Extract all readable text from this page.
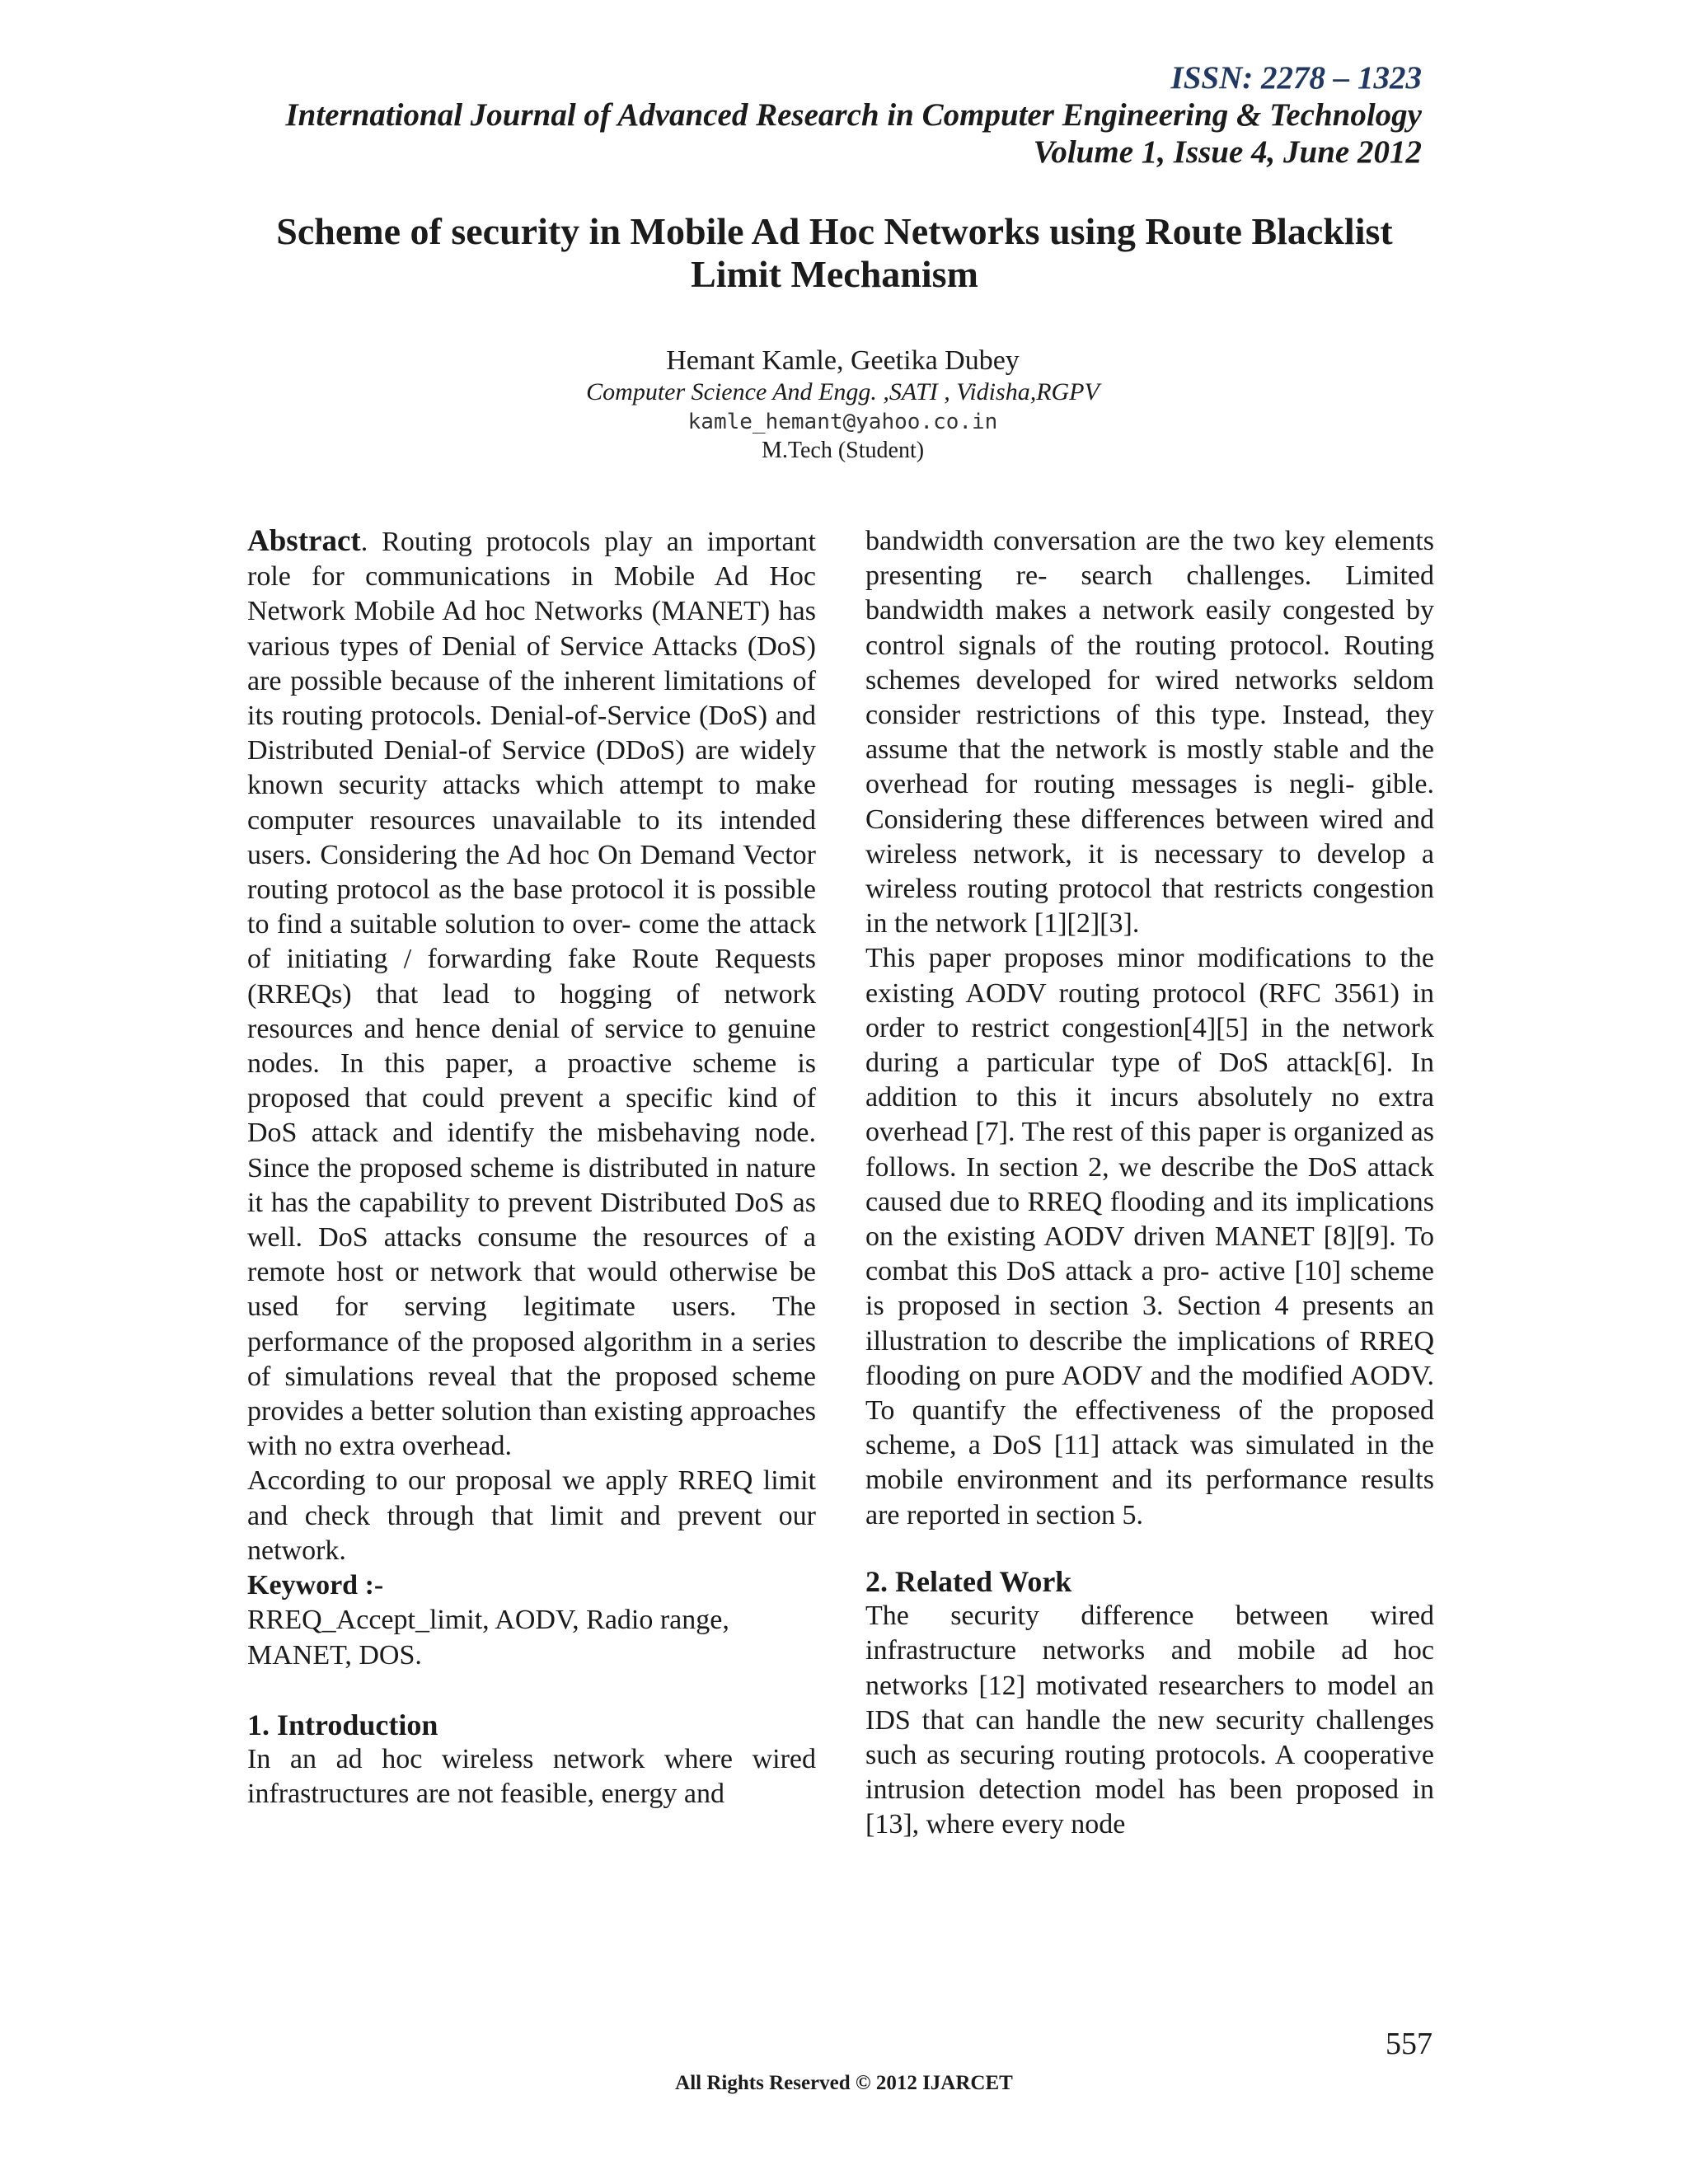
ISSN: 2278 – 1323
International Journal of Advanced Research in Computer Engineering & Technology
Volume 1, Issue 4, June 2012
Scheme of security in Mobile Ad Hoc Networks using Route Blacklist
Limit Mechanism
Hemant Kamle, Geetika Dubey
Computer Science And Engg. ,SATI , Vidisha,RGPV
kamle_hemant@yahoo.co.in
M.Tech (Student)

Abstract. Routing protocols play an important role for communications in Mobile Ad Hoc Network Mobile Ad hoc Networks (MANET) has various types of Denial of Service Attacks (DoS) are possible because of the inherent limitations of its routing protocols. Denial-of-Service (DoS) and Distributed Denial-of Service (DDoS) are widely known security attacks which attempt to make computer resources unavailable to its intended users. Considering the Ad hoc On Demand Vector routing protocol as the base protocol it is possible to find a suitable solution to over- come the attack of initiating / forwarding fake Route Requests (RREQs) that lead to hogging of network resources and hence denial of service to genuine nodes. In this paper, a proactive scheme is proposed that could prevent a specific kind of DoS attack and identify the misbehaving node. Since the proposed scheme is distributed in nature it has the capability to prevent Distributed DoS as well. DoS attacks consume the resources of a remote host or network that would otherwise be used for serving legitimate users. The performance of the proposed algorithm in a series of simulations reveal that the proposed scheme provides a better solution than existing approaches with no extra overhead.

According to our proposal we apply RREQ limit and check through that limit and prevent our network.

Keyword :-

RREQ_Accept_limit, AODV, Radio range, MANET, DOS.

1. Introduction

In an ad hoc wireless network where wired infrastructures are not feasible, energy and

bandwidth conversation are the two key elements presenting re- search challenges. Limited bandwidth makes a network easily congested by control signals of the routing protocol. Routing schemes developed for wired networks seldom consider restrictions of this type. Instead, they assume that the network is mostly stable and the overhead for routing messages is negli- gible. Considering these differences between wired and wireless network, it is necessary to develop a wireless routing protocol that restricts congestion in the network [1][2][3].

This paper proposes minor modifications to the existing AODV routing protocol (RFC 3561) in order to restrict congestion[4][5] in the network during a particular type of DoS attack[6]. In addition to this it incurs absolutely no extra overhead [7]. The rest of this paper is organized as follows. In section 2, we describe the DoS attack caused due to RREQ flooding and its implications on the existing AODV driven MANET [8][9]. To combat this DoS attack a pro- active [10] scheme is proposed in section 3. Section 4 presents an illustration to describe the implications of RREQ flooding on pure AODV and the modified AODV. To quantify the effectiveness of the proposed scheme, a DoS [11] attack was simulated in the mobile environment and its performance results are reported in section 5.

2. Related Work

The security difference between wired infrastructure networks and mobile ad hoc networks [12] motivated researchers to model an IDS that can handle the new security challenges such as securing routing protocols. A cooperative intrusion detection model has been proposed in [13], where every node

557
All Rights Reserved © 2012 IJARCET
